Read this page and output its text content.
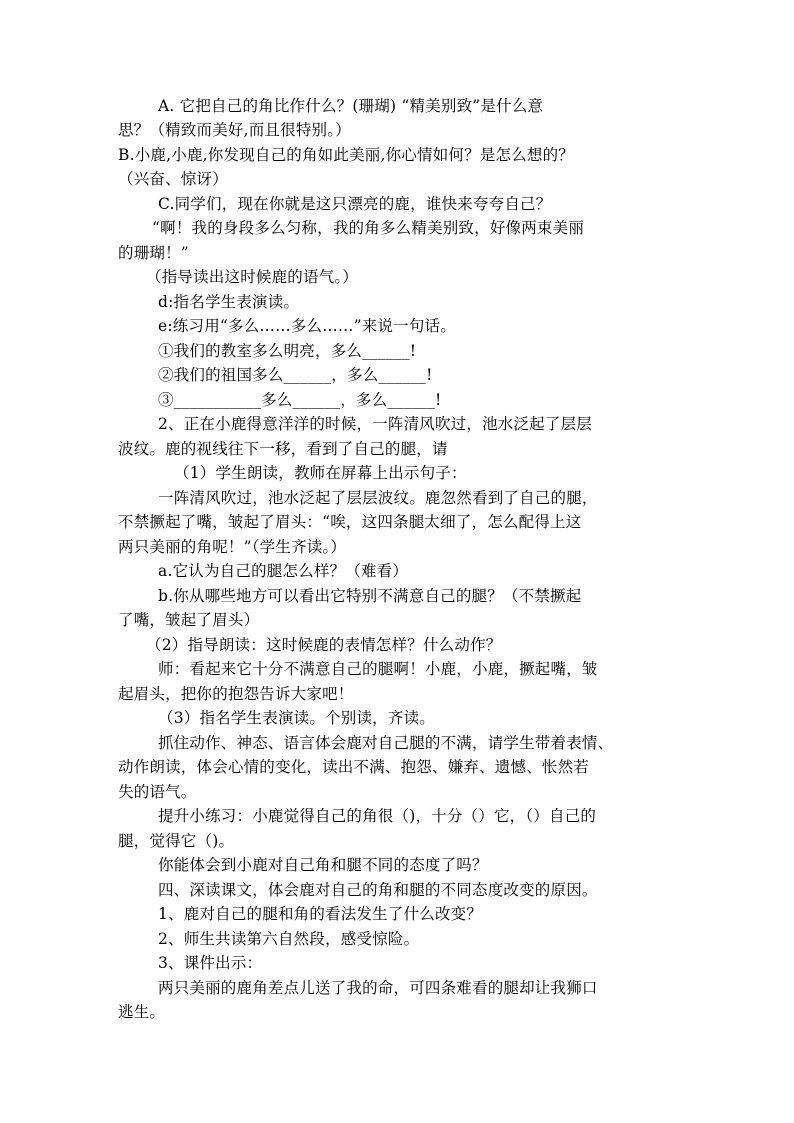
A. 它把自己的角比作什么？(珊瑚) “精美别致”是什么意
思？（精致而美好,而且很特别。）
B.小鹿,小鹿,你发现自己的角如此美丽,你心情如何？是怎么想的？
（兴奋、惊讶）
C.同学们，现在你就是这只漂亮的鹿，谁快来夸夸自己？
“啊！我的身段多么匀称，我的角多么精美别致，好像两束美丽
的珊瑚！”
（指导读出这时候鹿的语气。）
d:指名学生表演读。
e:练习用“多么……多么……”来说一句话。
①我们的教室多么明亮，多么______!
②我们的祖国多么______，多么______!
③___________多么______，多么______!
2、正在小鹿得意洋洋的时候，一阵清风吹过，池水泛起了层层
波纹。鹿的视线往下一移，看到了自己的腿，请
（1）学生朗读，教师在屏幕上出示句子：
一阵清风吹过，池水泛起了层层波纹。鹿忽然看到了自己的腿，
不禁撅起了嘴，皱起了眉头：“唉，这四条腿太细了，怎么配得上这
两只美丽的角呢！”（学生齐读。）
a.它认为自己的腿怎么样？（难看）
b.你从哪些地方可以看出它特别不满意自己的腿？（不禁撅起
了嘴，皱起了眉头）
（2）指导朗读：这时候鹿的表情怎样？什么动作？
师：看起来它十分不满意自己的腿啊！小鹿，小鹿，撅起嘴，皱
起眉头，把你的抱怨告诉大家吧！
（3）指名学生表演读。个别读，齐读。
抓住动作、神态、语言体会鹿对自己腿的不满，请学生带着表情、
动作朗读，体会心情的变化，读出不满、抱怨、嫌弃、遗憾、怅然若
失的语气。
提升小练习：小鹿觉得自己的角很（)，十分（）它，（）自己的
腿，觉得它（)。
你能体会到小鹿对自己角和腿不同的态度了吗？
四、深读课文，体会鹿对自己的角和腿的不同态度改变的原因。
1、鹿对自己的腿和角的看法发生了什么改变？
2、师生共读第六自然段，感受惊险。
3、课件出示：
两只美丽的鹿角差点儿送了我的命，可四条难看的腿却让我狮口
逃生。
